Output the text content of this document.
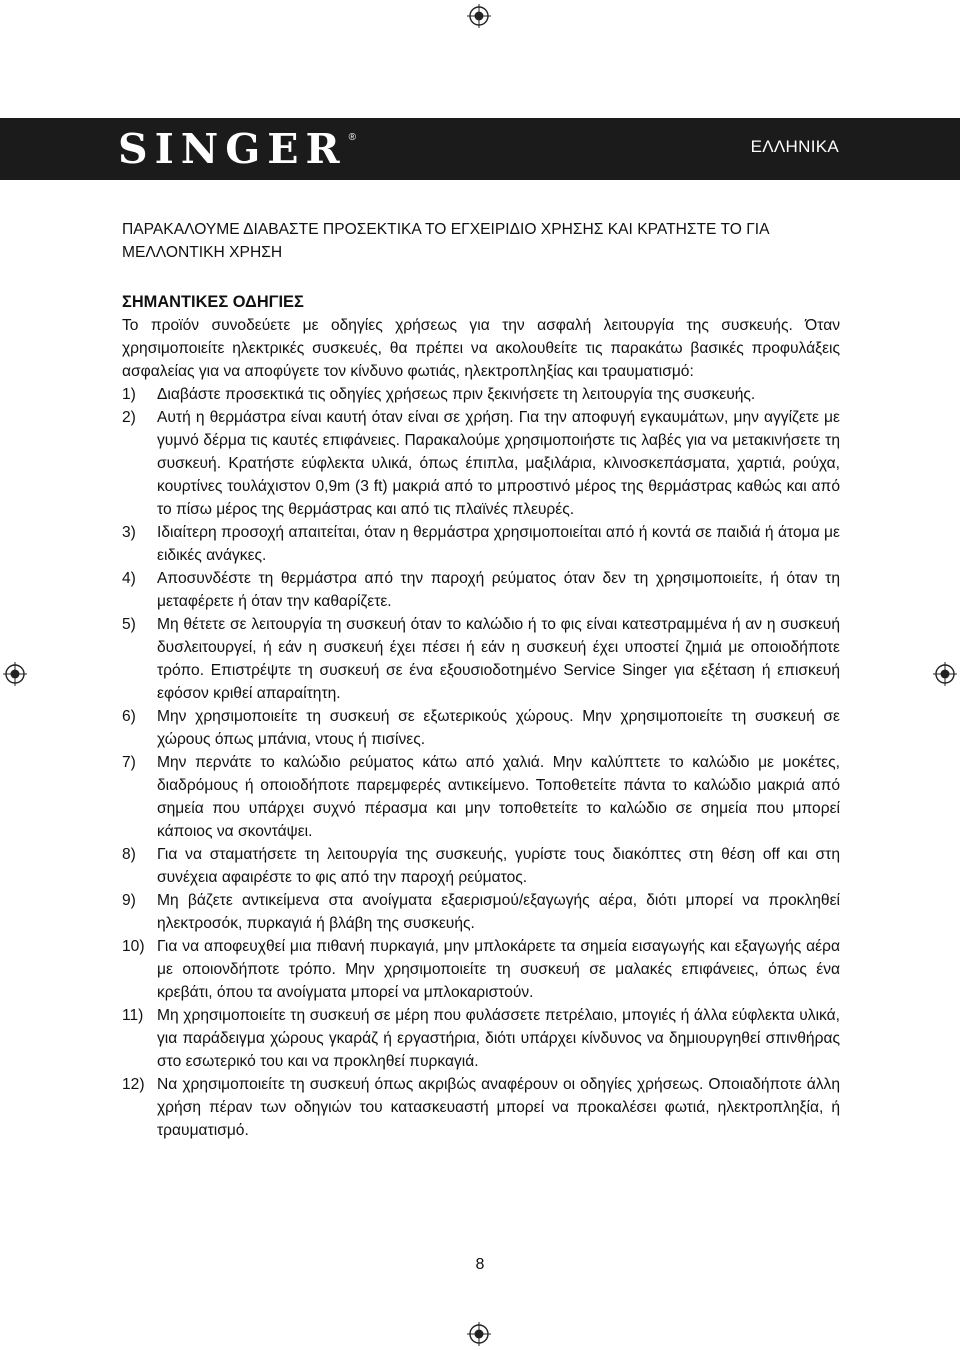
SINGER ®	ΕΛΛΗΝΙΚΑ

ΠΑΡΑΚΑΛΟΥΜΕ ΔΙΑΒΑΣΤΕ ΠΡΟΣΕΚΤΙΚΑ ΤΟ ΕΓΧΕΙΡΙΔΙΟ ΧΡΗΣΗΣ ΚΑΙ ΚΡΑΤΗΣΤΕ ΤΟ ΓΙΑ ΜΕΛΛΟΝΤΙΚΗ ΧΡΗΣΗ

ΣΗΜΑΝΤΙΚΕΣ ΟΔΗΓΙΕΣ

Το προϊόν συνοδεύετε με οδηγίες χρήσεως για την ασφαλή λειτουργία της συσκευής. Όταν χρησιμοποιείτε ηλεκτρικές συσκευές, θα πρέπει να ακολουθείτε τις παρακάτω βασικές προφυλάξεις ασφαλείας για να αποφύγετε τον κίνδυνο φωτιάς, ηλεκτροπληξίας και τραυματισμό:

1)	Διαβάστε προσεκτικά τις οδηγίες χρήσεως πριν ξεκινήσετε τη λειτουργία της συσκευής.
2)	Αυτή η θερμάστρα είναι καυτή όταν είναι σε χρήση. Για την αποφυγή εγκαυμάτων, μην αγγίζετε με γυμνό δέρμα τις καυτές επιφάνειες. Παρακαλούμε χρησιμοποιήστε τις λαβές για να μετακινήσετε τη συσκευή. Κρατήστε εύφλεκτα υλικά, όπως έπιπλα, μαξιλάρια, κλινοσκεπάσματα, χαρτιά, ρούχα, κουρτίνες τουλάχιστον 0,9m (3 ft) μακριά από το μπροστινό μέρος της θερμάστρας καθώς και από το πίσω μέρος της θερμάστρας και από τις πλαϊνές πλευρές.
3)	Ιδιαίτερη προσοχή απαιτείται, όταν η θερμάστρα χρησιμοποιείται από ή κοντά σε παιδιά ή άτομα με ειδικές ανάγκες.
4)	Αποσυνδέστε τη θερμάστρα από την παροχή ρεύματος όταν δεν τη χρησιμοποιείτε, ή όταν τη μεταφέρετε ή όταν την καθαρίζετε.
5)	Μη θέτετε σε λειτουργία τη συσκευή όταν το καλώδιο ή το φις είναι κατεστραμμένα ή αν η συσκευή δυσλειτουργεί, ή εάν η συσκευή έχει πέσει ή εάν η συσκευή έχει υποστεί ζημιά με οποιοδήποτε τρόπο. Επιστρέψτε τη συσκευή σε ένα εξουσιοδοτημένο Service Singer για εξέταση ή επισκευή εφόσον κριθεί απαραίτητη.
6)	Μην χρησιμοποιείτε τη συσκευή σε εξωτερικούς χώρους. Μην χρησιμοποιείτε τη συσκευή σε χώρους όπως μπάνια, ντους ή πισίνες.
7)	Μην περνάτε το καλώδιο ρεύματος κάτω από χαλιά. Μην καλύπτετε το καλώδιο με μοκέτες, διαδρόμους ή οποιοδήποτε παρεμφερές αντικείμενο. Τοποθετείτε πάντα το καλώδιο μακριά από σημεία που υπάρχει συχνό πέρασμα και μην τοποθετείτε το καλώδιο σε σημεία που μπορεί κάποιος να σκοντάψει.
8)	Για να σταματήσετε τη λειτουργία της συσκευής, γυρίστε τους διακόπτες στη θέση off και στη συνέχεια αφαιρέστε το φις από την παροχή ρεύματος.
9)	Μη βάζετε αντικείμενα στα ανοίγματα εξαερισμού/εξαγωγής αέρα, διότι μπορεί να προκληθεί ηλεκτροσόκ, πυρκαγιά ή βλάβη της συσκευής.
10) Για να αποφευχθεί μια πιθανή πυρκαγιά, μην μπλοκάρετε τα σημεία εισαγωγής και εξαγωγής αέρα με οποιονδήποτε τρόπο. Μην χρησιμοποιείτε τη συσκευή σε μαλακές επιφάνειες, όπως ένα κρεβάτι, όπου τα ανοίγματα μπορεί να μπλοκαριστούν.
11) Μη χρησιμοποιείτε τη συσκευή σε μέρη που φυλάσσετε πετρέλαιο, μπογιές ή άλλα εύφλεκτα υλικά, για παράδειγμα χώρους γκαράζ ή εργαστήρια, διότι υπάρχει κίνδυνος να δημιουργηθεί σπινθήρας στο εσωτερικό του και να προκληθεί πυρκαγιά.
12) Να χρησιμοποιείτε τη συσκευή όπως ακριβώς αναφέρουν οι οδηγίες χρήσεως. Οποιαδήποτε άλλη χρήση πέραν των οδηγιών του κατασκευαστή μπορεί να προκαλέσει φωτιά, ηλεκτροπληξία, ή τραυματισμό.
8
